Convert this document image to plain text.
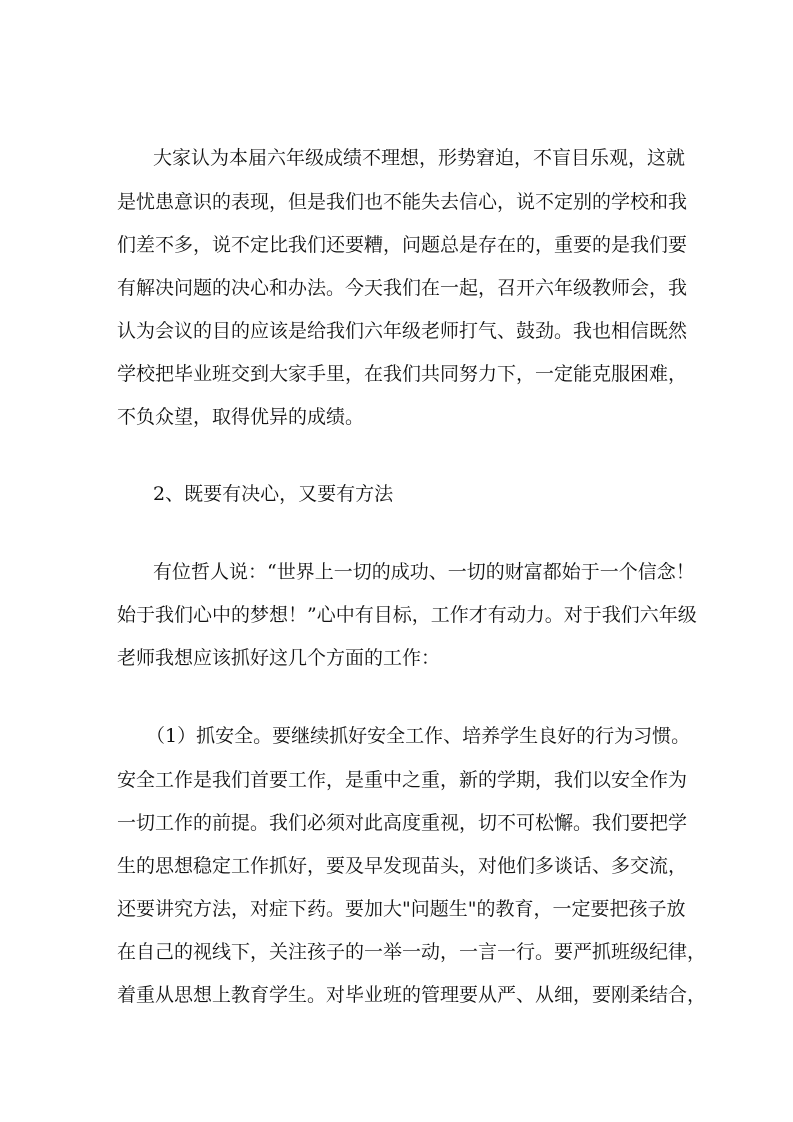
大家认为本届六年级成绩不理想，形势窘迫，不盲目乐观，这就
是忧患意识的表现，但是我们也不能失去信心，说不定别的学校和我
们差不多，说不定比我们还要糟，问题总是存在的，重要的是我们要
有解决问题的决心和办法。今天我们在一起，召开六年级教师会，我
认为会议的目的应该是给我们六年级老师打气、鼓劲。我也相信既然
学校把毕业班交到大家手里，在我们共同努力下，一定能克服困难，
不负众望，取得优异的成绩。
2、既要有决心，又要有方法
有位哲人说：“世界上一切的成功、一切的财富都始于一个信念！
始于我们心中的梦想！”心中有目标，工作才有动力。对于我们六年级
老师我想应该抓好这几个方面的工作：
（1）抓安全。要继续抓好安全工作、培养学生良好的行为习惯。
安全工作是我们首要工作，是重中之重，新的学期，我们以安全作为
一切工作的前提。我们必须对此高度重视，切不可松懈。我们要把学
生的思想稳定工作抓好，要及早发现苗头，对他们多谈话、多交流，
还要讲究方法，对症下药。要加大"问题生"的教育，一定要把孩子放
在自己的视线下，关注孩子的一举一动，一言一行。要严抓班级纪律，
着重从思想上教育学生。对毕业班的管理要从严、从细，要刚柔结合，
